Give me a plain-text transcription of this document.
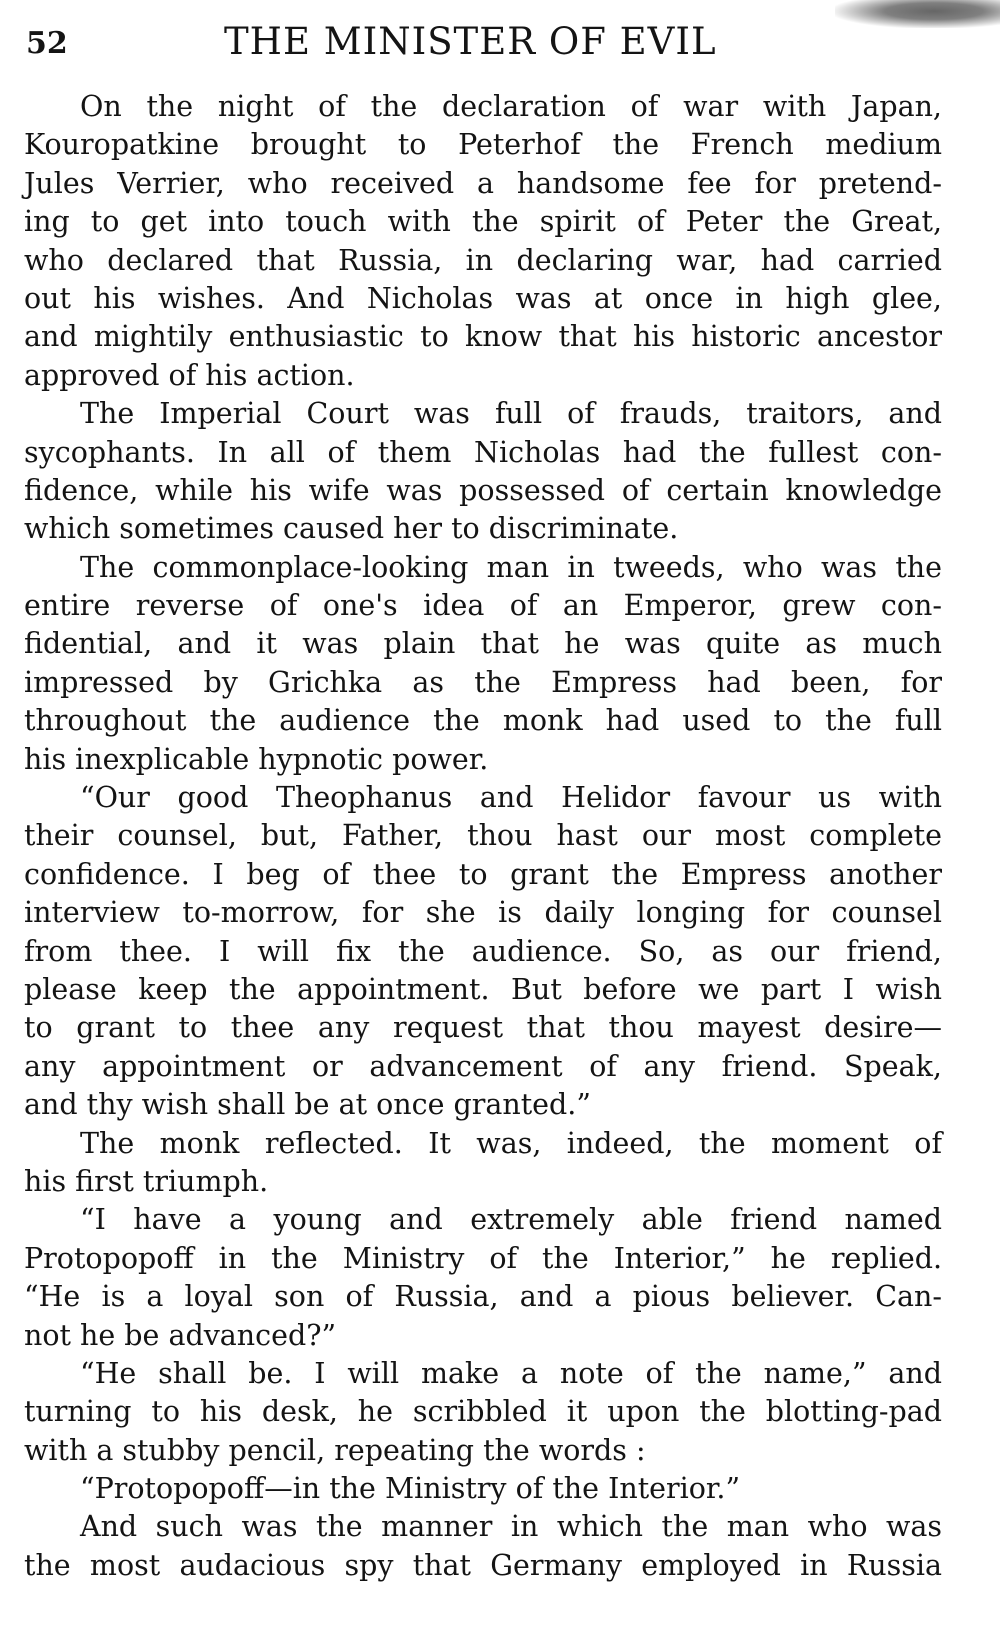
52	THE MINISTER OF EVIL
On the night of the declaration of war with Japan,
Kouropatkine brought to Peterhof the French medium
Jules Verrier, who received a handsome fee for pretend-
ing to get into touch with the spirit of Peter the Great,
who declared that Russia, in declaring war, had carried
out his wishes. And Nicholas was at once in high glee,
and mightily enthusiastic to know that his historic ancestor
approved of his action.
The Imperial Court was full of frauds, traitors, and
sycophants. In all of them Nicholas had the fullest con-
fidence, while his wife was possessed of certain knowledge
which sometimes caused her to discriminate.
The commonplace-looking man in tweeds, who was the
entire reverse of one's idea of an Emperor, grew con-
fidential, and it was plain that he was quite as much
impressed by Grichka as the Empress had been, for
throughout the audience the monk had used to the full
his inexplicable hypnotic power.
“Our good Theophanus and Helidor favour us with
their counsel, but, Father, thou hast our most complete
confidence. I beg of thee to grant the Empress another
interview to-morrow, for she is daily longing for counsel
from thee. I will fix the audience. So, as our friend,
please keep the appointment. But before we part I wish
to grant to thee any request that thou mayest desire—
any appointment or advancement of any friend. Speak,
and thy wish shall be at once granted.”
The monk reflected. It was, indeed, the moment of
his first triumph.
“I have a young and extremely able friend named
Protopopoff in the Ministry of the Interior,” he replied.
“He is a loyal son of Russia, and a pious believer. Can-
not he be advanced?”
“He shall be. I will make a note of the name,” and
turning to his desk, he scribbled it upon the blotting-pad
with a stubby pencil, repeating the words :
“Protopopoff—in the Ministry of the Interior.”
And such was the manner in which the man who was
the most audacious spy that Germany employed in Russia
